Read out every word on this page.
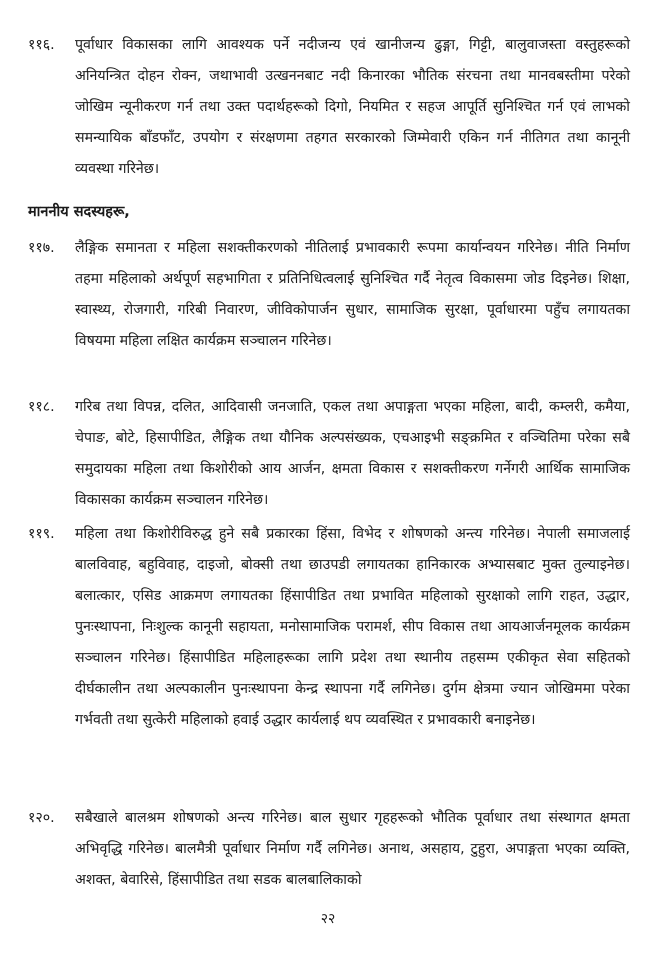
११६.	पूर्वाधार विकासका लागि आवश्यक पर्ने नदीजन्य एवं खानीजन्य ढुङ्गा, गिट्टी, बालुवाजस्ता वस्तुहरूको अनियन्त्रित दोहन रोक्न, जथाभावी उत्खननबाट नदी किनारका भौतिक संरचना तथा मानवबस्तीमा परेको जोखिम न्यूनीकरण गर्न तथा उक्त पदार्थहरूको दिगो, नियमित र सहज आपूर्ति सुनिश्चित गर्न एवं लाभको समन्यायिक बाँडफाँट, उपयोग र संरक्षणमा तहगत सरकारको जिम्मेवारी एकिन गर्न नीतिगत तथा कानूनी व्यवस्था गरिनेछ।
माननीय सदस्यहरू,
११७.	लैङ्गिक समानता र महिला सशक्तीकरणको नीतिलाई प्रभावकारी रूपमा कार्यान्वयन गरिनेछ। नीति निर्माण तहमा महिलाको अर्थपूर्ण सहभागिता र प्रतिनिधित्वलाई सुनिश्चित गर्दै नेतृत्व विकासमा जोड दिइनेछ। शिक्षा, स्वास्थ्य, रोजगारी, गरिबी निवारण, जीविकोपार्जन सुधार, सामाजिक सुरक्षा, पूर्वाधारमा पहुँच लगायतका विषयमा महिला लक्षित कार्यक्रम सञ्चालन गरिनेछ।
११८.	गरिब तथा विपन्न, दलित, आदिवासी जनजाति, एकल तथा अपाङ्गता भएका महिला, बादी, कम्लरी, कमैया, चेपाङ, बोटे, हिसापीडित, लैङ्गिक तथा यौनिक अल्पसंख्यक, एचआइभी सङ्क्रमित र वञ्चितिमा परेका सबै समुदायका महिला तथा किशोरीको आय आर्जन, क्षमता विकास र सशक्तीकरण गर्नेगरी आर्थिक सामाजिक विकासका कार्यक्रम सञ्चालन गरिनेछ।
११९.	महिला तथा किशोरीविरुद्ध हुने सबै प्रकारका हिंसा, विभेद र शोषणको अन्त्य गरिनेछ। नेपाली समाजलाई बालविवाह, बहुविवाह, दाइजो, बोक्सी तथा छाउपडी लगायतका हानिकारक अभ्यासबाट मुक्त तुल्याइनेछ। बलात्कार, एसिड आक्रमण लगायतका हिंसापीडित तथा प्रभावित महिलाको सुरक्षाको लागि राहत, उद्धार, पुनःस्थापना, निःशुल्क कानूनी सहायता, मनोसामाजिक परामर्श, सीप विकास तथा आयआर्जनमूलक कार्यक्रम सञ्चालन गरिनेछ। हिंसापीडित महिलाहरूका लागि प्रदेश तथा स्थानीय तहसम्म एकीकृत सेवा सहितको दीर्घकालीन तथा अल्पकालीन पुनःस्थापना केन्द्र स्थापना गर्दै लगिनेछ। दुर्गम क्षेत्रमा ज्यान जोखिममा परेका गर्भवती तथा सुत्केरी महिलाको हवाई उद्धार कार्यलाई थप व्यवस्थित र प्रभावकारी बनाइनेछ।
१२०.	सबैखाले बालश्रम शोषणको अन्त्य गरिनेछ। बाल सुधार गृहहरूको भौतिक पूर्वाधार तथा संस्थागत क्षमता अभिवृद्धि गरिनेछ। बालमैत्री पूर्वाधार निर्माण गर्दै लगिनेछ। अनाथ, असहाय, टुहुरा, अपाङ्गता भएका व्यक्ति, अशक्त, बेवारिसे, हिंसापीडित तथा सडक बालबालिकाको
२२
